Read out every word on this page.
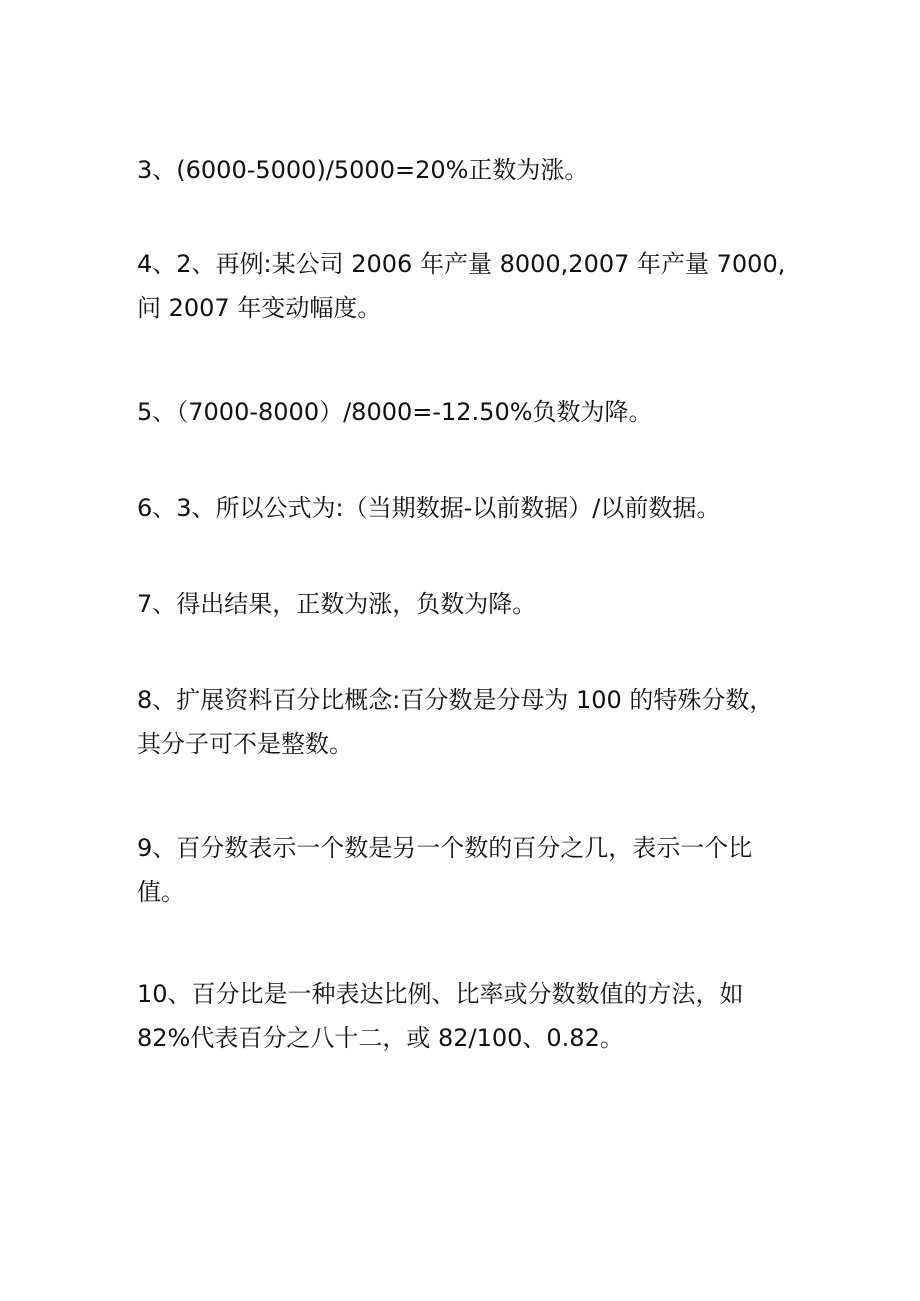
3、(6000-5000)/5000=20%正数为涨。

4、2、再例:某公司 2006 年产量 8000,2007 年产量 7000,
问 2007 年变动幅度。

5、（7000-8000）/8000=-12.50%负数为降。

6、3、所以公式为:（当期数据-以前数据）/以前数据。

7、得出结果，正数为涨，负数为降。

8、扩展资料百分比概念:百分数是分母为 100 的特殊分数，
其分子可不是整数。

9、百分数表示一个数是另一个数的百分之几，表示一个比
值。

10、百分比是一种表达比例、比率或分数数值的方法，如
82%代表百分之八十二，或 82/100、0.82。
